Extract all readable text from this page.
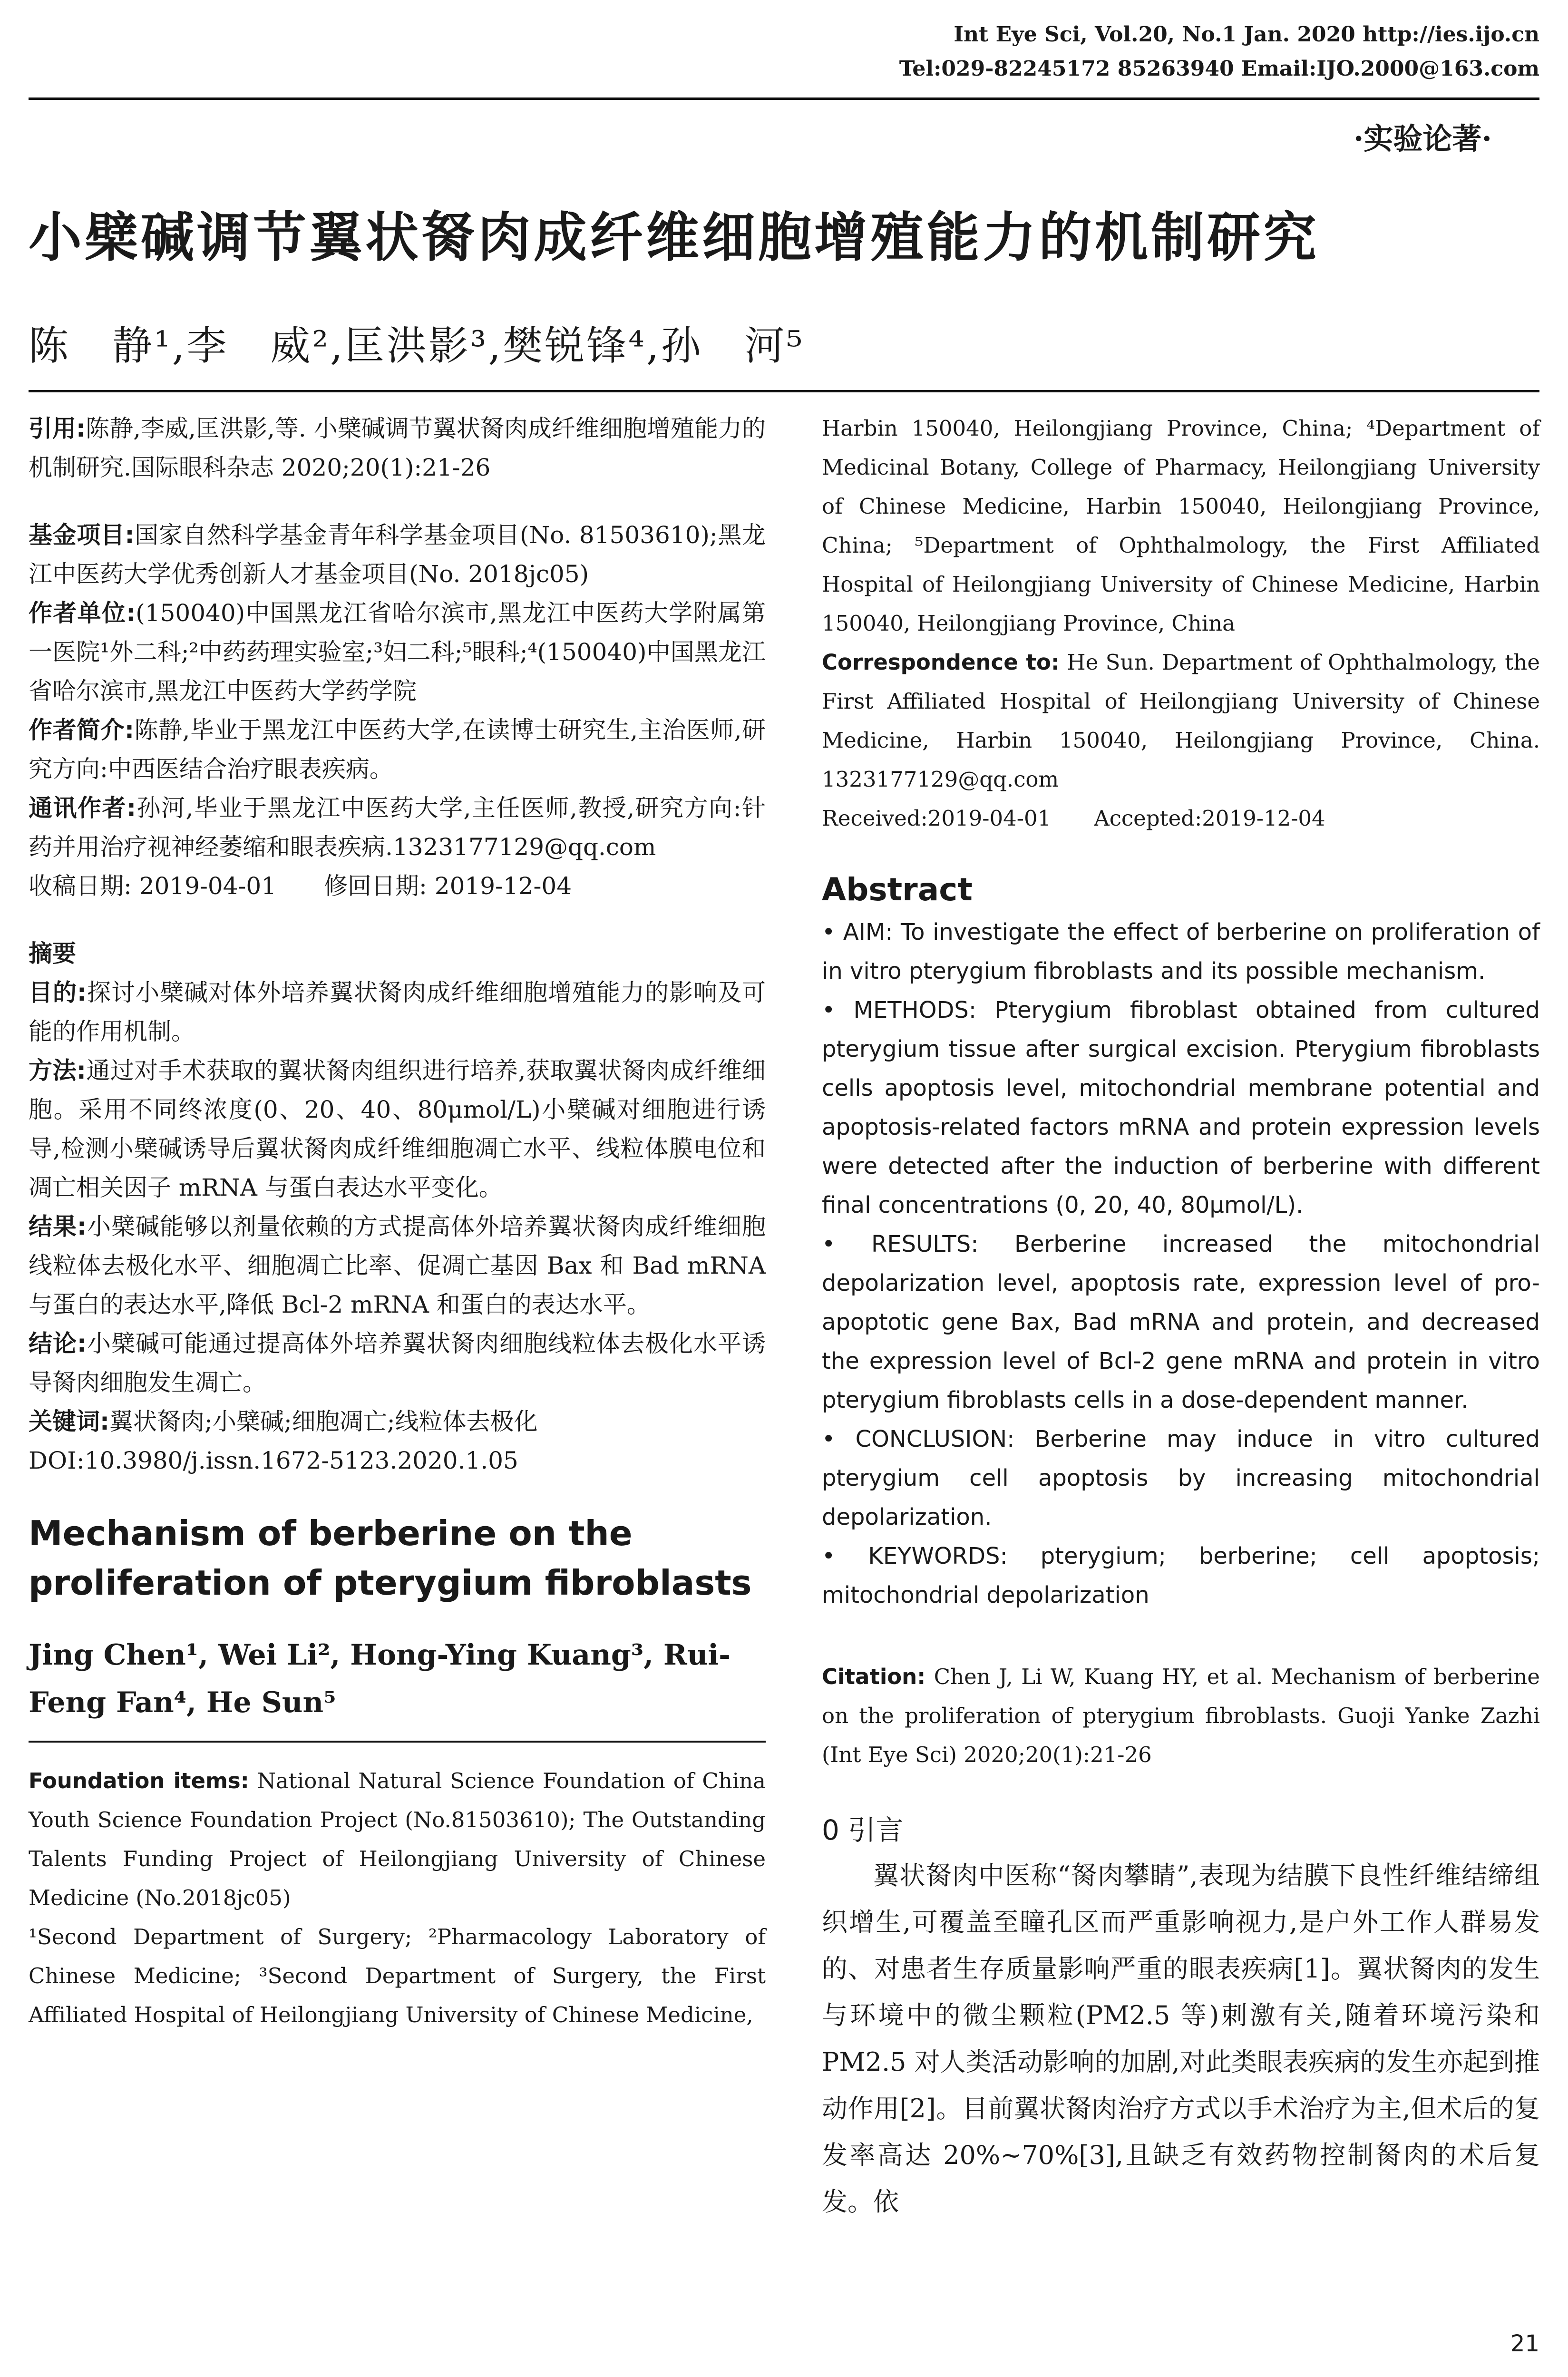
Int Eye Sci, Vol.20, No.1 Jan. 2020 http://ies.ijo.cn
Tel:029-82245172 85263940 Email:IJO.2000@163.com
·实验论著·
小檗碱调节翼状胬肉成纤维细胞增殖能力的机制研究
陈　静¹,李　威²,匡洪影³,樊锐锋⁴,孙　河⁵

引用:陈静,李威,匡洪影,等. 小檗碱调节翼状胬肉成纤维细胞增殖能力的机制研究.国际眼科杂志 2020;20(1):21-26

基金项目:国家自然科学基金青年科学基金项目(No. 81503610);黑龙江中医药大学优秀创新人才基金项目(No. 2018jc05)

作者单位:(150040)中国黑龙江省哈尔滨市,黑龙江中医药大学附属第一医院¹外二科;²中药药理实验室;³妇二科;⁵眼科;⁴(150040)中国黑龙江省哈尔滨市,黑龙江中医药大学药学院

作者简介:陈静,毕业于黑龙江中医药大学,在读博士研究生,主治医师,研究方向:中西医结合治疗眼表疾病。

通讯作者:孙河,毕业于黑龙江中医药大学,主任医师,教授,研究方向:针药并用治疗视神经萎缩和眼表疾病.1323177129@qq.com

收稿日期: 2019-04-01　　修回日期: 2019-12-04

摘要

目的:探讨小檗碱对体外培养翼状胬肉成纤维细胞增殖能力的影响及可能的作用机制。

方法:通过对手术获取的翼状胬肉组织进行培养,获取翼状胬肉成纤维细胞。采用不同终浓度(0、20、40、80μmol/L)小檗碱对细胞进行诱导,检测小檗碱诱导后翼状胬肉成纤维细胞凋亡水平、线粒体膜电位和凋亡相关因子 mRNA 与蛋白表达水平变化。

结果:小檗碱能够以剂量依赖的方式提高体外培养翼状胬肉成纤维细胞线粒体去极化水平、细胞凋亡比率、促凋亡基因 Bax 和 Bad mRNA 与蛋白的表达水平,降低 Bcl-2 mRNA 和蛋白的表达水平。

结论:小檗碱可能通过提高体外培养翼状胬肉细胞线粒体去极化水平诱导胬肉细胞发生凋亡。

关键词:翼状胬肉;小檗碱;细胞凋亡;线粒体去极化

DOI:10.3980/j.issn.1672-5123.2020.1.05

Mechanism of berberine on the proliferation of pterygium fibroblasts

Jing Chen¹, Wei Li², Hong-Ying Kuang³, Rui- Feng Fan⁴, He Sun⁵

Foundation items: National Natural Science Foundation of China Youth Science Foundation Project (No.81503610); The Outstanding Talents Funding Project of Heilongjiang University of Chinese Medicine (No.2018jc05)

¹Second Department of Surgery; ²Pharmacology Laboratory of Chinese Medicine; ³Second Department of Surgery, the First Affiliated Hospital of Heilongjiang University of Chinese Medicine,

Harbin 150040, Heilongjiang Province, China; ⁴Department of Medicinal Botany, College of Pharmacy, Heilongjiang University of Chinese Medicine, Harbin 150040, Heilongjiang Province, China; ⁵Department of Ophthalmology, the First Affiliated Hospital of Heilongjiang University of Chinese Medicine, Harbin 150040, Heilongjiang Province, China

Correspondence to: He Sun. Department of Ophthalmology, the First Affiliated Hospital of Heilongjiang University of Chinese Medicine, Harbin 150040, Heilongjiang Province, China. 1323177129@qq.com

Received:2019-04-01　　Accepted:2019-12-04

Abstract

• AIM: To investigate the effect of berberine on proliferation of in vitro pterygium fibroblasts and its possible mechanism.

• METHODS: Pterygium fibroblast obtained from cultured pterygium tissue after surgical excision. Pterygium fibroblasts cells apoptosis level, mitochondrial membrane potential and apoptosis-related factors mRNA and protein expression levels were detected after the induction of berberine with different final concentrations (0, 20, 40, 80μmol/L).

• RESULTS: Berberine increased the mitochondrial depolarization level, apoptosis rate, expression level of pro-apoptotic gene Bax, Bad mRNA and protein, and decreased the expression level of Bcl-2 gene mRNA and protein in vitro pterygium fibroblasts cells in a dose-dependent manner.

• CONCLUSION: Berberine may induce in vitro cultured pterygium cell apoptosis by increasing mitochondrial depolarization.

• KEYWORDS: pterygium; berberine; cell apoptosis; mitochondrial depolarization

Citation: Chen J, Li W, Kuang HY, et al. Mechanism of berberine on the proliferation of pterygium fibroblasts. Guoji Yanke Zazhi (Int Eye Sci) 2020;20(1):21-26

0 引言

翼状胬肉中医称“胬肉攀睛”,表现为结膜下良性纤维结缔组织增生,可覆盖至瞳孔区而严重影响视力,是户外工作人群易发的、对患者生存质量影响严重的眼表疾病[1]。翼状胬肉的发生与环境中的微尘颗粒(PM2.5 等)刺激有关,随着环境污染和 PM2.5 对人类活动影响的加剧,对此类眼表疾病的发生亦起到推动作用[2]。目前翼状胬肉治疗方式以手术治疗为主,但术后的复发率高达 20%~70%[3],且缺乏有效药物控制胬肉的术后复发。依

21
